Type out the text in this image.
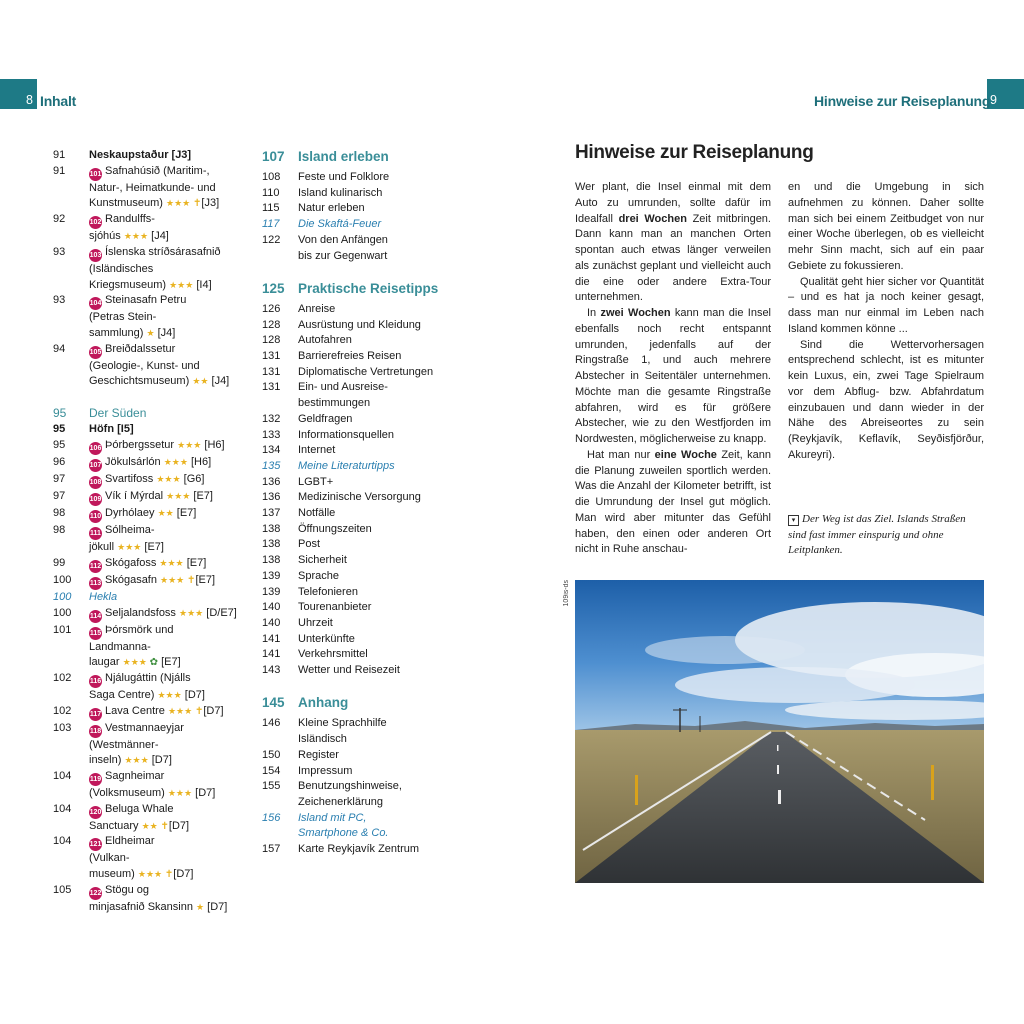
8 Inhalt	9
Hinweise zur Reiseplanung
91	Neskaupstaður [J3]
91	101 Safnahúsið (Maritim-,
Natur-, Heimatkunde- und
Kunstmuseum) ★★★ ✝[J3]
92	102 Randulffs-
sjóhús ★★★ [J4]
93	103 Íslenska stríðsárasafnið
(Isländisches
Kriegsmuseum) ★★★ [I4]
93	104 Steinasafn Petru
(Petras Stein-
sammlung) ★ [J4]
94	105 Breiðdalssetur
(Geologie-, Kunst- und
Geschichtsmuseum) ★★ [J4]
95	Der Süden
95	Höfn [I5]
95	106 Þórbergssetur ★★★ [H6]
96	107 Jökulsárlón ★★★ [H6]
97	108 Svartifoss ★★★ [G6]
97	109 Vík í Mýrdal ★★★ [E7]
98	110 Dyrhólaey ★★ [E7]
98	111 Sólheima-
jökull ★★★ [E7]
99	112 Skógafoss ★★★ [E7]
100	113 Skógasafn ★★★ ✝[E7]
100	Hekla
100	114 Seljalandsfoss ★★★ [D/E7]
101	115 Þórsmörk und
Landmanna-
laugar ★★★ ✿ [E7]
102	116 Njálugáttin (Njálls
Saga Centre) ★★★ [D7]
102	117 Lava Centre ★★★ ✝[D7]
103	118 Vestmannaeyjar
(Westmänner-
inseln) ★★★ [D7]
104	119 Sagnheimar
(Volksmuseum) ★★★ [D7]
104	120 Beluga Whale
Sanctuary ★★ ✝[D7]
104	121 Eldheimar
(Vulkan-
museum) ★★★ ✝[D7]
105	122 Stögu og
minjasafnið Skansinn ★ [D7]
107 Island erleben
108	Feste und Folklore
110	Island kulinarisch
115	Natur erleben
117	Die Skaftá-Feuer
122	Von den Anfängen
bis zur Gegenwart
125 Praktische Reisetipps
126	Anreise
128	Ausrüstung und Kleidung
128	Autofahren
131	Barrierefreies Reisen
131	Diplomatische Vertretungen
131	Ein- und Ausreise-
bestimmungen
132	Geldfragen
133	Informationsquellen
134	Internet
135	Meine Literaturtipps
136	LGBT+
136	Medizinische Versorgung
137	Notfälle
138	Öffnungszeiten
138	Post
138	Sicherheit
139	Sprache
139	Telefonieren
140	Tourenanbieter
140	Uhrzeit
141	Unterkünfte
141	Verkehrsmittel
143	Wetter und Reisezeit
145 Anhang
146	Kleine Sprachhilfe
Isländisch
150	Register
154	Impressum
155	Benutzungshinweise,
Zeichenerklärung
156	Island mit PC,
Smartphone & Co.
157	Karte Reykjavík Zentrum
Hinweise zur Reiseplanung

Wer plant, die Insel einmal mit dem Auto zu umrunden, sollte dafür im Idealfall drei Wochen Zeit mitbringen. Dann kann man an manchen Orten spontan auch etwas länger verweilen als zunächst geplant und vielleicht auch die eine oder andere Extra-Tour unternehmen.

In zwei Wochen kann man die Insel ebenfalls noch recht entspannt umrunden, jedenfalls auf der Ringstraße 1, und auch mehrere Abstecher in Seitentäler unternehmen. Möchte man die gesamte Ringstraße abfahren, wird es für größere Abstecher, wie zu den Westfjorden im Nordwesten, möglicherweise zu knapp.

Hat man nur eine Woche Zeit, kann die Planung zuweilen sportlich werden. Was die Anzahl der Kilometer betrifft, ist die Umrundung der Insel gut möglich. Man wird aber mitunter das Gefühl haben, den einen oder anderen Ort nicht in Ruhe anschau-

en und die Umgebung in sich aufnehmen zu können. Daher sollte man sich bei einem Zeitbudget von nur einer Woche überlegen, ob es vielleicht mehr Sinn macht, sich auf ein paar Gebiete zu fokussieren.

Qualität geht hier sicher vor Quantität – und es hat ja noch keiner gesagt, dass man nur einmal im Leben nach Island kommen könne ...

Sind die Wettervorhersagen entsprechend schlecht, ist es mitunter kein Luxus, ein, zwei Tage Spielraum vor dem Abflug- bzw. Abfahrdatum einzubauen und dann wieder in der Nähe des Abreiseortes zu sein (Reykjavík, Keflavík, Seyðisfjörður, Akureyri).

▾ Der Weg ist das Ziel. Islands Straßen sind fast immer einspurig und ohne Leitplanken.
109is-ds
